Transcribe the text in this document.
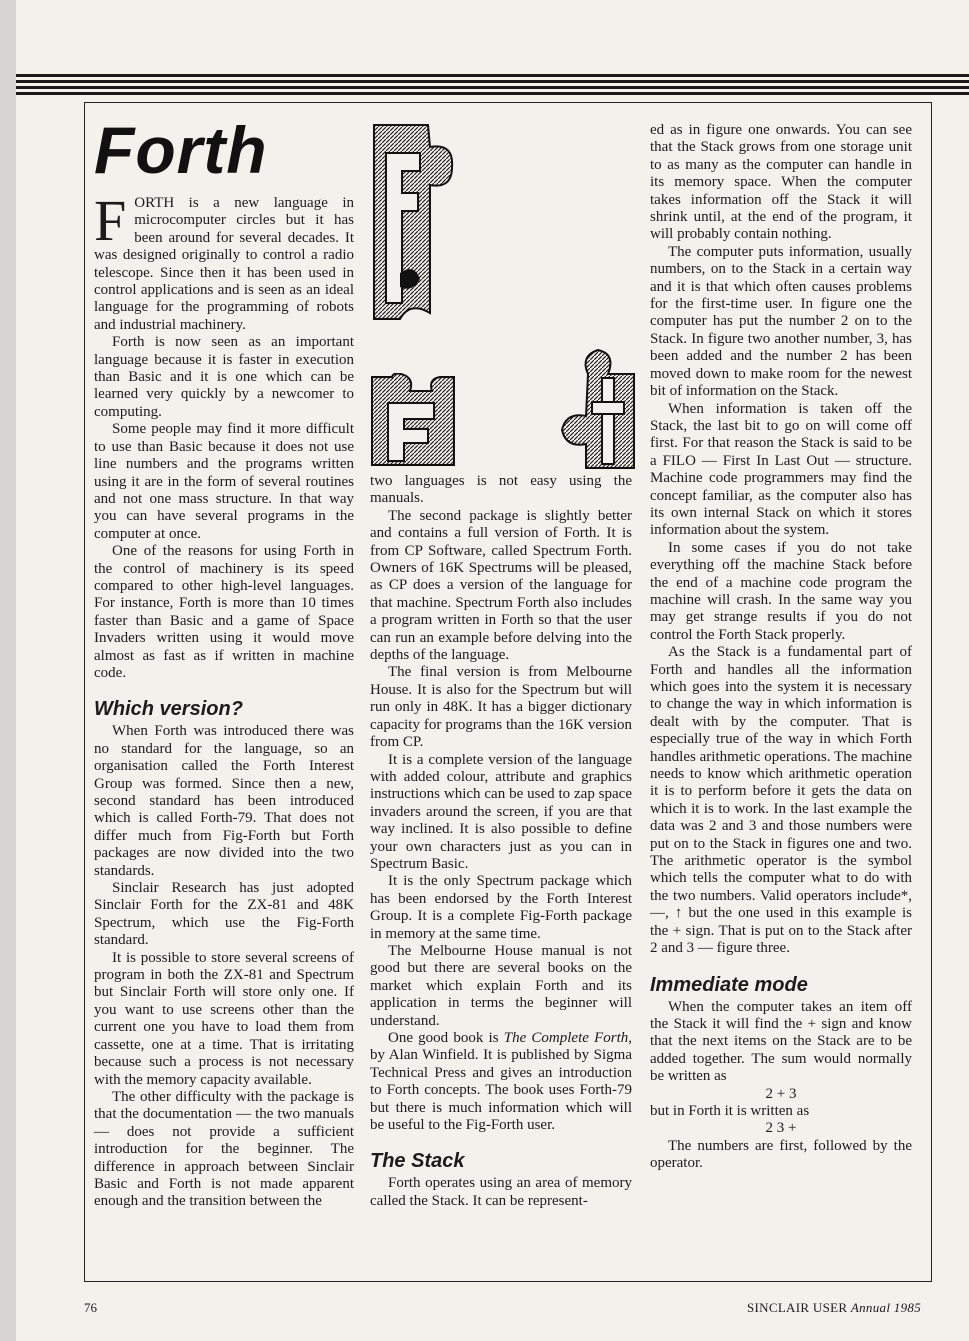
Forth

FORTH is a new language in microcomputer circles but it has been around for several decades. It was designed originally to control a radio telescope. Since then it has been used in control applications and is seen as an ideal language for the programming of robots and industrial machinery.

Forth is now seen as an important language because it is faster in execution than Basic and it is one which can be learned very quickly by a newcomer to computing.

Some people may find it more difficult to use than Basic because it does not use line numbers and the programs written using it are in the form of several routines and not one mass structure. In that way you can have several programs in the computer at once.

One of the reasons for using Forth in the control of machinery is its speed compared to other high-level languages. For instance, Forth is more than 10 times faster than Basic and a game of Space Invaders written using it would move almost as fast as if written in machine code.

Which version?

When Forth was introduced there was no standard for the language, so an organisation called the Forth Interest Group was formed. Since then a new, second standard has been introduced which is called Forth-79. That does not differ much from Fig-Forth but Forth packages are now divided into the two standards.

Sinclair Research has just adopted Sinclair Forth for the ZX-81 and 48K Spectrum, which use the Fig-Forth standard.

It is possible to store several screens of program in both the ZX-81 and Spectrum but Sinclair Forth will store only one. If you want to use screens other than the current one you have to load them from cassette, one at a time. That is irritating because such a process is not necessary with the memory capacity available.

The other difficulty with the package is that the documentation — the two manuals — does not provide a sufficient introduction for the beginner. The difference in approach between Sinclair Basic and Forth is not made apparent enough and the transition between the

two languages is not easy using the manuals.

The second package is slightly better and contains a full version of Forth. It is from CP Software, called Spectrum Forth. Owners of 16K Spectrums will be pleased, as CP does a version of the language for that machine. Spectrum Forth also includes a program written in Forth so that the user can run an example before delving into the depths of the language.

The final version is from Melbourne House. It is also for the Spectrum but will run only in 48K. It has a bigger dictionary capacity for programs than the 16K version from CP.

It is a complete version of the language with added colour, attribute and graphics instructions which can be used to zap space invaders around the screen, if you are that way inclined. It is also possible to define your own characters just as you can in Spectrum Basic.

It is the only Spectrum package which has been endorsed by the Forth Interest Group. It is a complete Fig-Forth package in memory at the same time.

The Melbourne House manual is not good but there are several books on the market which explain Forth and its application in terms the beginner will understand.

One good book is The Complete Forth, by Alan Winfield. It is published by Sigma Technical Press and gives an introduction to Forth concepts. The book uses Forth-79 but there is much information which will be useful to the Fig-Forth user.

The Stack

Forth operates using an area of memory called the Stack. It can be represent-

ed as in figure one onwards. You can see that the Stack grows from one storage unit to as many as the computer can handle in its memory space. When the computer takes information off the Stack it will shrink until, at the end of the program, it will probably contain nothing.

The computer puts information, usually numbers, on to the Stack in a certain way and it is that which often causes problems for the first-time user. In figure one the computer has put the number 2 on to the Stack. In figure two another number, 3, has been added and the number 2 has been moved down to make room for the newest bit of information on the Stack.

When information is taken off the Stack, the last bit to go on will come off first. For that reason the Stack is said to be a FILO — First In Last Out — structure. Machine code programmers may find the concept familiar, as the computer also has its own internal Stack on which it stores information about the system.

In some cases if you do not take everything off the machine Stack before the end of a machine code program the machine will crash. In the same way you may get strange results if you do not control the Forth Stack properly.

As the Stack is a fundamental part of Forth and handles all the information which goes into the system it is necessary to change the way in which information is dealt with by the computer. That is especially true of the way in which Forth handles arithmetic operations. The machine needs to know which arithmetic operation it is to perform before it gets the data on which it is to work. In the last example the data was 2 and 3 and those numbers were put on to the Stack in figures one and two. The arithmetic operator is the symbol which tells the computer what to do with the two numbers. Valid operators include*, —, ↑ but the one used in this example is the + sign. That is put on to the Stack after 2 and 3 — figure three.

Immediate mode

When the computer takes an item off the Stack it will find the + sign and know that the next items on the Stack are to be added together. The sum would normally be written as

2 + 3

but in Forth it is written as

2 3 +

The numbers are first, followed by the operator.

76	SINCLAIR USER Annual 1985
